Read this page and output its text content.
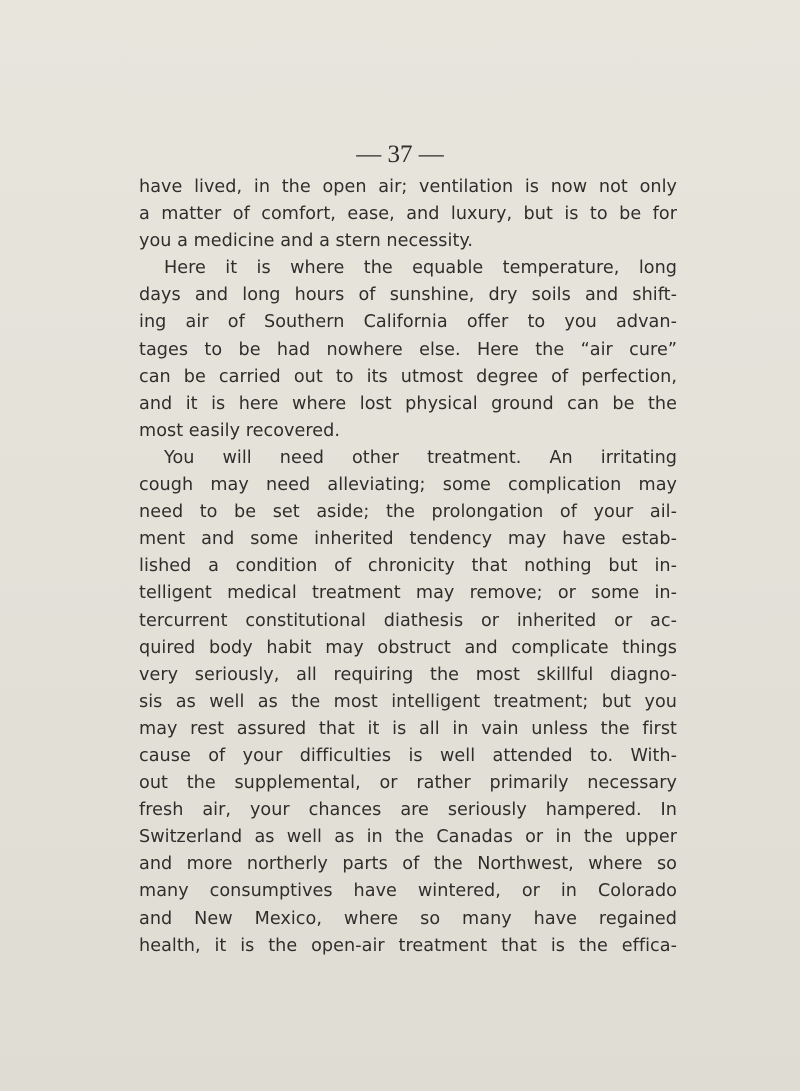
— 37 —

have lived, in the open air; ventilation is now not only
a matter of comfort, ease, and luxury, but is to be for
you a medicine and a stern necessity.
Here it is where the equable temperature, long
days and long hours of sunshine, dry soils and shift-
ing air of Southern California offer to you advan-
tages to be had nowhere else. Here the “air cure”
can be carried out to its utmost degree of perfection,
and it is here where lost physical ground can be the
most easily recovered.
You will need other treatment. An irritating
cough may need alleviating; some complication may
need to be set aside; the prolongation of your ail-
ment and some inherited tendency may have estab-
lished a condition of chronicity that nothing but in-
telligent medical treatment may remove; or some in-
tercurrent constitutional diathesis or inherited or ac-
quired body habit may obstruct and complicate things
very seriously, all requiring the most skillful diagno-
sis as well as the most intelligent treatment; but you
may rest assured that it is all in vain unless the first
cause of your difficulties is well attended to. With-
out the supplemental, or rather primarily necessary
fresh air, your chances are seriously hampered. In
Switzerland as well as in the Canadas or in the upper
and more northerly parts of the Northwest, where so
many consumptives have wintered, or in Colorado
and New Mexico, where so many have regained
health, it is the open-air treatment that is the effica-
